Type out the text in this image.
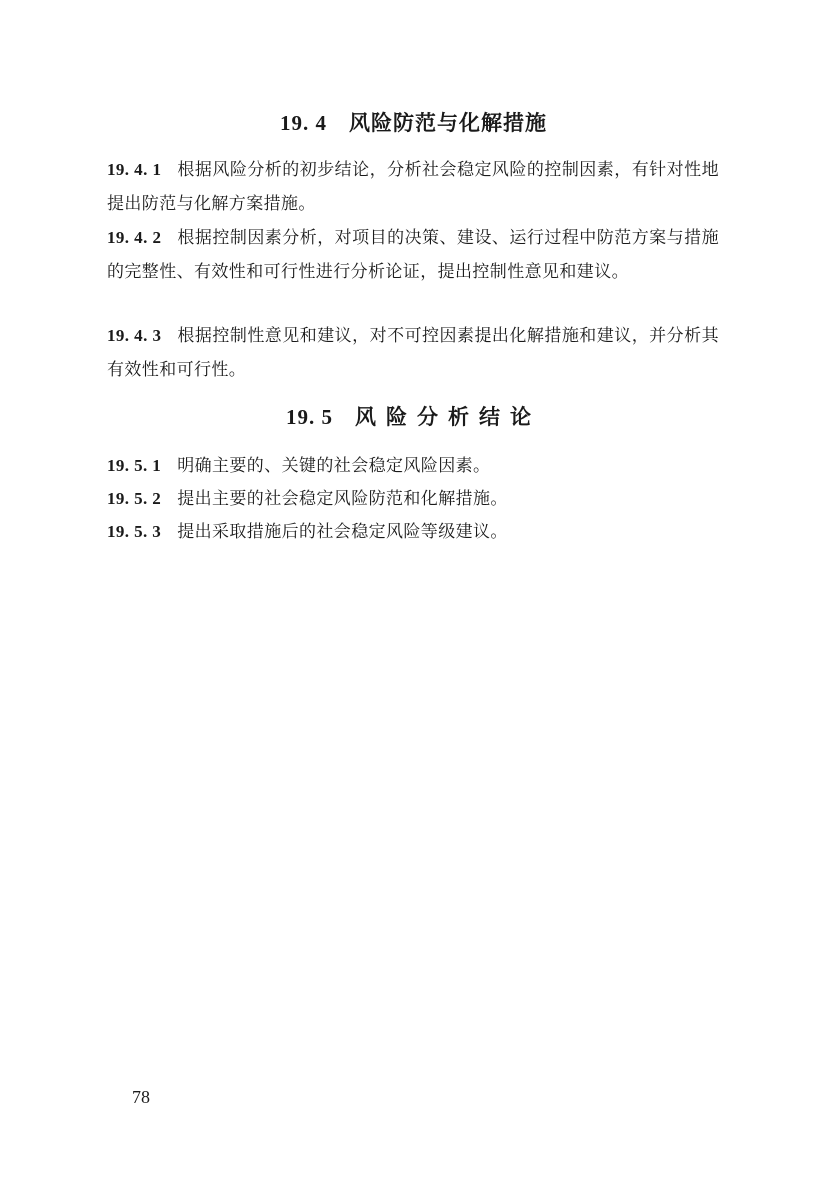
19. 4 风险防范与化解措施
19. 4. 1 根据风险分析的初步结论，分析社会稳定风险的控制因素，有针对性地提出防范与化解方案措施。
19. 4. 2 根据控制因素分析，对项目的决策、建设、运行过程中防范方案与措施的完整性、有效性和可行性进行分析论证，提出控制性意见和建议。
19. 4. 3 根据控制性意见和建议，对不可控因素提出化解措施和建议，并分析其有效性和可行性。
19. 5 风险分析结论
19. 5. 1 明确主要的、关键的社会稳定风险因素。
19. 5. 2 提出主要的社会稳定风险防范和化解措施。
19. 5. 3 提出采取措施后的社会稳定风险等级建议。
78
